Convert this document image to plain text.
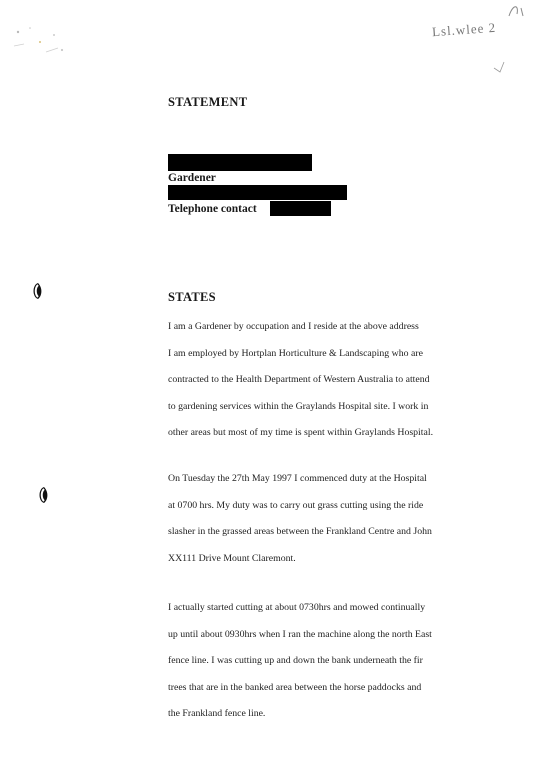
Lsl.wlee 2
STATEMENT
Gardener
Telephone contact
STATES
I am a Gardener by occupation and I reside at the above address
I am employed by Hortplan Horticulture & Landscaping who are
contracted to the Health Department of Western Australia to attend
to gardening services within the Graylands Hospital site. I work in
other areas but most of my time is spent within Graylands Hospital.
On Tuesday the 27th May 1997 I commenced duty at the Hospital
at 0700 hrs. My duty was to carry out grass cutting using the ride
slasher in the grassed areas between the Frankland Centre and John
XX111 Drive Mount Claremont.
I actually started cutting at about 0730hrs and mowed continually
up until about 0930hrs when I ran the machine along the north East
fence line. I was cutting up and down the bank underneath the fir
trees that are in the banked area between the horse paddocks and
the Frankland fence line.
